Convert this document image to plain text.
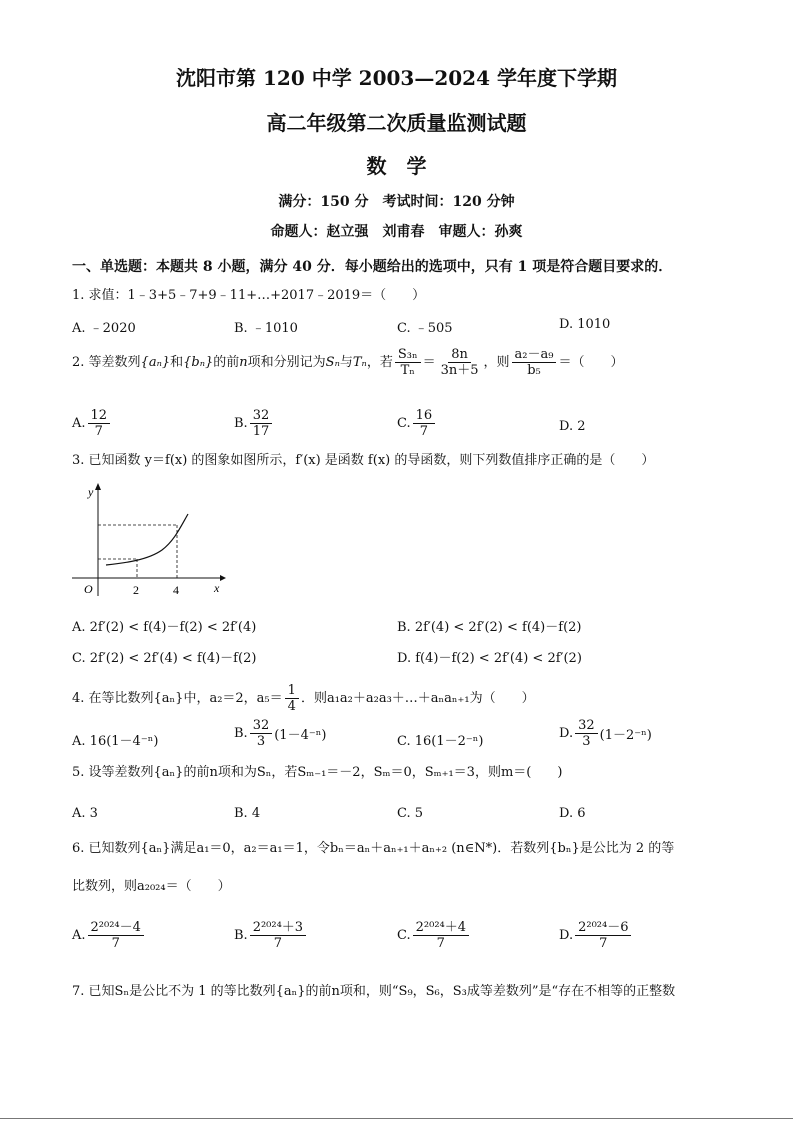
沈阳市第 120 中学 2003—2024 学年度下学期
高二年级第二次质量监测试题
数　学
满分：150 分　考试时间：120 分钟
命题人：赵立强　刘甫春　审题人：孙爽
一、单选题：本题共 8 小题，满分 40 分．每小题给出的选项中，只有 1 项是符合题目要求的．
1. 求值：1﹣3+5﹣7+9﹣11+…+2017﹣2019＝（　　）
A. ﹣2020	B. ﹣1010	C. ﹣505	D. 1010
2. 等差数列 {aₙ} 和 {bₙ} 的前 n 项和分别记为 Sₙ 与 Tₙ ，若 $\frac{\text{S₃ₙ}}{\text{Tₙ}} = \frac{8n}{3n+5}$ ，则 $\frac{\text{a₂－a₉}}{\text{b₅}}$ ＝（　　）
A. $\frac{12}{7}$	B. $\frac{32}{17}$	C. $\frac{16}{7}$	D. 2
3. 已知函数 y＝f(x) 的图象如图所示，f′(x) 是函数 f(x) 的导函数，则下列数值排序正确的是（　　）
y
x
O	2	4
A. 2f′(2) < f(4)－f(2) < 2f′(4)	B. 2f′(4) < 2f′(2) < f(4)－f(2)
C. 2f′(2) < 2f′(4) < f(4)－f(2)	D. f(4)－f(2) < 2f′(4) < 2f′(2)
4. 在等比数列{aₙ}中，a₂＝2，$a_5= \frac{1}{4}$ ．则a₁a₂＋a₂a₃＋…＋aₙaₙ₊₁为（　　）
A. 16(1－4⁻ⁿ)
B. $\frac{32}{3} (1-4^{-n})$	C. 16(1－2⁻ⁿ)
D. $\frac{32}{3} (1-2^{-n})$
5. 设等差数列{aₙ}的前n项和为Sₙ，若Sₘ₋₁＝－2，Sₘ＝0，Sₘ₊₁＝3，则m＝(　　)
A. 3	B. 4	C. 5	D. 6
6. 已知数列{aₙ}满足a₁＝0，a₂＝a₁＝1，令bₙ＝aₙ＋aₙ₊₁＋aₙ₊₂ (n∈N*)．若数列{bₙ}是公比为 2 的等
比数列，则a₂₀₂₄＝（　　）
A. $\frac{\text{2²⁰²⁴－4}}{7}$	B. $\frac{\text{2²⁰²⁴＋3}}{7}$	C. $\frac{\text{2²⁰²⁴＋4}}{7}$	D. $\frac{\text{2²⁰²⁴－6}}{7}$
7. 已知Sₙ是公比不为 1 的等比数列{aₙ}的前n项和，则“S₉，S₆，S₃成等差数列”是“存在不相等的正整数
